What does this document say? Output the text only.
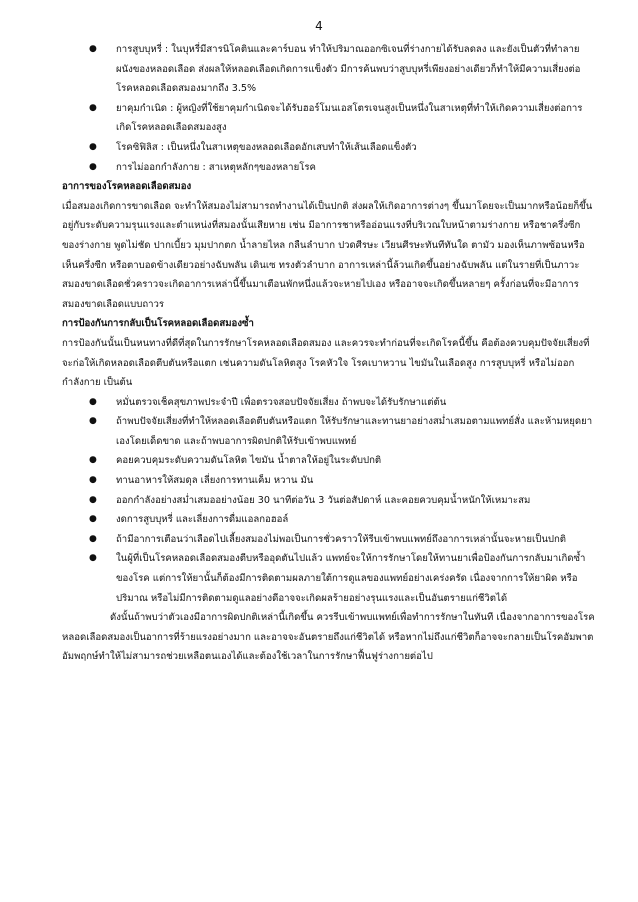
4
● การสูบบุหรี่ : ในบุหรี่มีสารนิโคตินและคาร์บอน ทำให้ปริมาณออกซิเจนที่ร่างกายได้รับลดลง และยังเป็นตัวที่ทำลายผนังของหลอดเลือด ส่งผลให้หลอดเลือดเกิดการแข็งตัว มีการค้นพบว่าสูบบุหรี่เพียงอย่างเดียวก็ทำให้มีความเสี่ยงต่อโรคหลอดเลือดสมองมากถึง 3.5%
● ยาคุมกำเนิด : ผู้หญิงที่ใช้ยาคุมกำเนิดจะได้รับฮอร์โมนเอสโตรเจนสูงเป็นหนึ่งในสาเหตุที่ทำให้เกิดความเสี่ยงต่อการเกิดโรคหลอดเลือดสมองสูง
● โรคซิฟิลิส : เป็นหนึ่งในสาเหตุของหลอดเลือดอักเสบทำให้เส้นเลือดแข็งตัว
● การไม่ออกกำลังกาย : สาเหตุหลักๆของหลายโรค
อาการของโรคหลอดเลือดสมอง
เมื่อสมองเกิดการขาดเลือด จะทำให้สมองไม่สามารถทำงานได้เป็นปกติ ส่งผลให้เกิดอาการต่างๆ ขึ้นมาโดยจะเป็นมากหรือน้อยก็ขึ้นอยู่กับระดับความรุนแรงและตำแหน่งที่สมองนั้นเสียหาย เช่น มีอาการชาหรืออ่อนแรงที่บริเวณใบหน้าตามร่างกาย หรือชาครึ่งซีกของร่างกาย พูดไม่ชัด ปากเบี้ยว มุมปากตก น้ำลายไหล กลืนลำบาก ปวดศีรษะ เวียนศีรษะทันทีทันใด ตามัว มองเห็นภาพซ้อนหรือเห็นครึ่งซีก หรือตาบอดข้างเดียวอย่างฉับพลัน เดินเซ ทรงตัวลำบาก อาการเหล่านี้ล้วนเกิดขึ้นอย่างฉับพลัน แต่ในรายที่เป็นภาวะสมองขาดเลือดชั่วคราวจะเกิดอาการเหล่านี้ขึ้นมาเตือนพักหนึ่งแล้วจะหายไปเอง หรืออาจจะเกิดขึ้นหลายๆ ครั้งก่อนที่จะมีอาการสมองขาดเลือดแบบถาวร
การป้องกันการกลับเป็นโรคหลอดเลือดสมองซ้ำ
การป้องกันนั้นเป็นหนทางที่ดีที่สุดในการรักษาโรคหลอดเลือดสมอง และควรจะทำก่อนที่จะเกิดโรคนี้ขึ้น คือต้องควบคุมปัจจัยเสี่ยงที่จะก่อให้เกิดหลอดเลือดตีบตันหรือแตก เช่นความดันโลหิตสูง โรคหัวใจ โรคเบาหวาน ไขมันในเลือดสูง การสูบบุหรี่ หรือไม่ออกกำลังกาย เป็นต้น
● หมั่นตรวจเช็คสุขภาพประจำปี เพื่อตรวจสอบปัจจัยเสี่ยง ถ้าพบจะได้รับรักษาแต่ต้น
● ถ้าพบปัจจัยเสี่ยงที่ทำให้หลอดเลือดตีบตันหรือแตก ให้รับรักษาและทานยาอย่างสม่ำเสมอตามแพทย์สั่ง และห้ามหยุดยาเองโดยเด็ดขาด และถ้าพบอาการผิดปกติให้รับเข้าพบแพทย์
● คอยควบคุมระดับความดันโลหิต ไขมัน น้ำตาลให้อยู่ในระดับปกติ
● ทานอาหารให้สมดุล เลี่ยงการทานเค็ม หวาน มัน
● ออกกำลังอย่างสม่ำเสมออย่างน้อย 30 นาทีต่อวัน 3 วันต่อสัปดาห์ และคอยควบคุมน้ำหนักให้เหมาะสม
● งดการสูบบุหรี่ และเลี่ยงการดื่มแอลกอฮอล์
● ถ้ามีอาการเตือนว่าเลือดไปเลี้ยงสมองไม่พอเป็นการชั่วคราวให้รีบเข้าพบแพทย์ถึงอาการเหล่านั้นจะหายเป็นปกติ
● ในผู้ที่เป็นโรคหลอดเลือดสมองตีบหรืออุดตันไปแล้ว แพทย์จะให้การรักษาโดยให้ทานยาเพื่อป้องกันการกลับมาเกิดซ้ำของโรค แต่การให้ยานั้นก็ต้องมีการติดตามผลภายใต้การดูแลของแพทย์อย่างเคร่งครัด เนื่องจากการให้ยาผิด หรือปริมาณ หรือไม่มีการติดตามดูแลอย่างดีอาจจะเกิดผลร้ายอย่างรุนแรงและเป็นอันตรายแก่ชีวิตได้
ดังนั้นถ้าพบว่าตัวเองมีอาการผิดปกติเหล่านี้เกิดขึ้น ควรรีบเข้าพบแพทย์เพื่อทำการรักษาในทันที เนื่องจากอาการของโรคหลอดเลือดสมองเป็นอาการที่ร้ายแรงอย่างมาก และอาจจะอันตรายถึงแก่ชีวิตได้ หรือหากไม่ถึงแก่ชีวิตก็อาจจะกลายเป็นโรคอัมพาต อัมพฤกษ์ทำให้ไม่สามารถช่วยเหลือตนเองได้และต้องใช้เวลาในการรักษาฟื้นฟูร่างกายต่อไป
